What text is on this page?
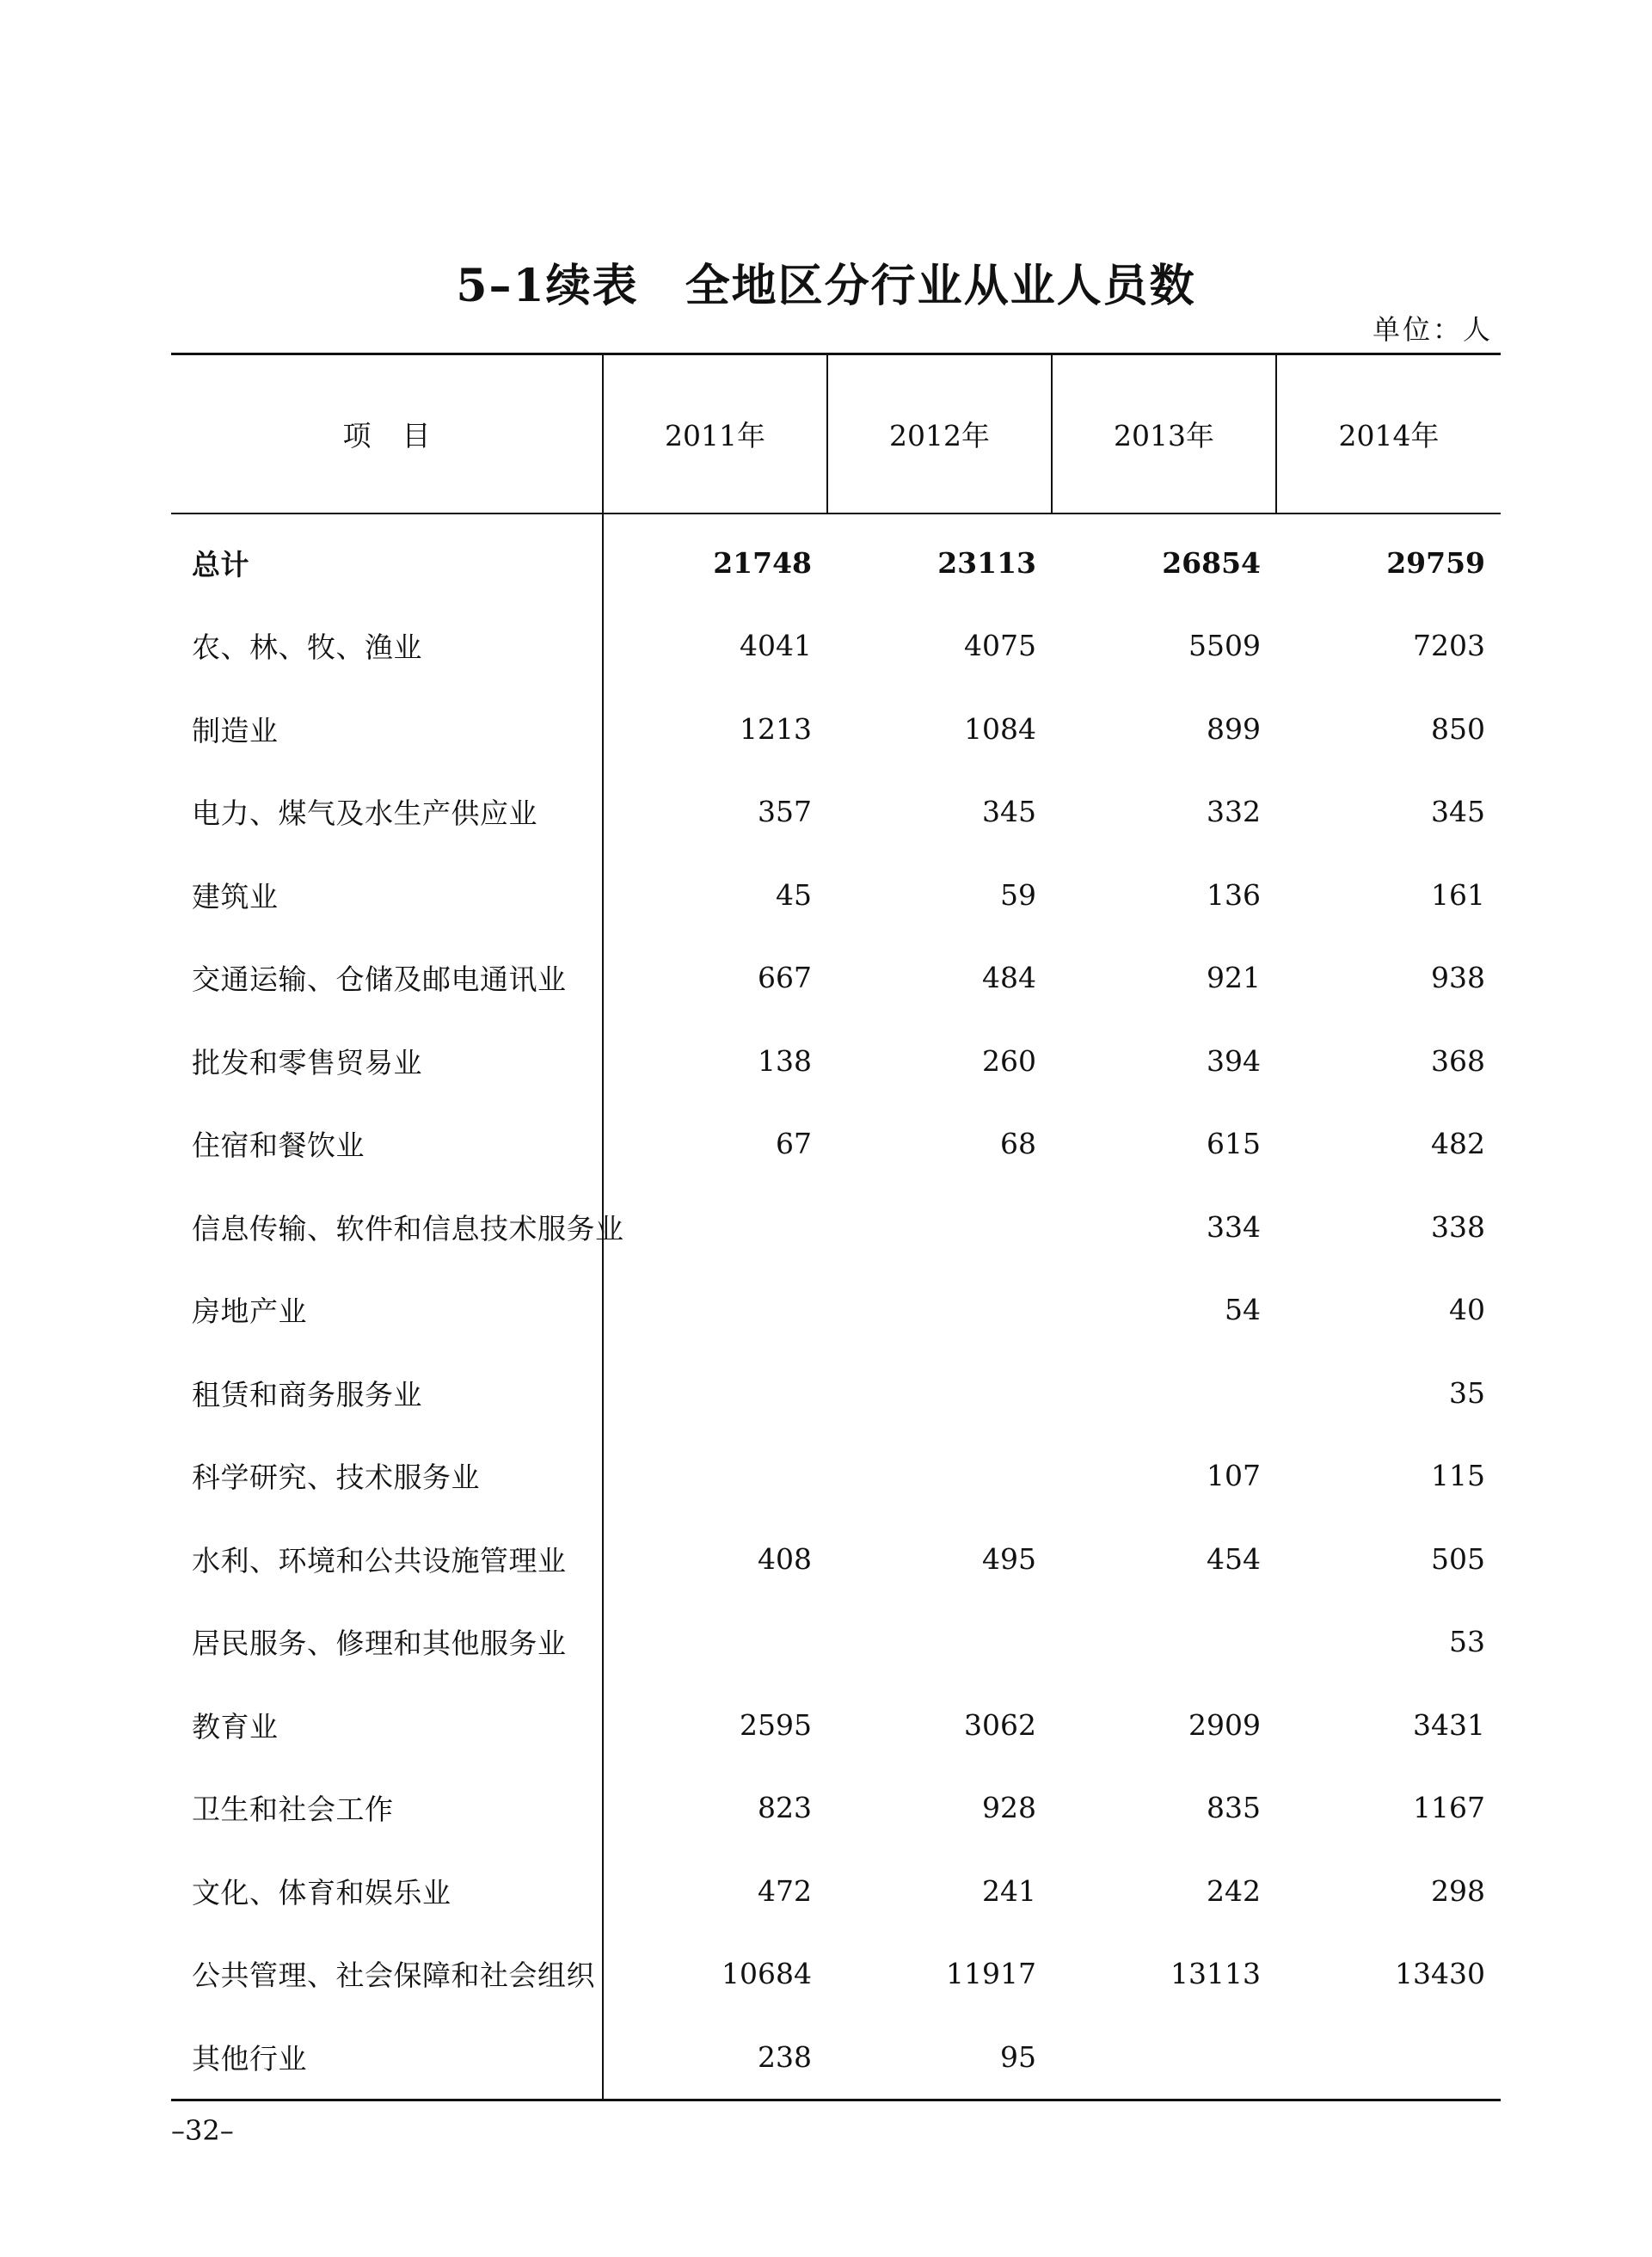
5–1续表　全地区分行业从业人员数
单位：人
项目	2011年	2012年	2013年	2014年
总计	21748	23113	26854	29759
农、林、牧、渔业	4041	4075	5509	7203
制造业	1213	1084	899	850
电力、煤气及水生产供应业	357	345	332	345
建筑业	45	59	136	161
交通运输、仓储及邮电通讯业	667	484	921	938
批发和零售贸易业	138	260	394	368
住宿和餐饮业	67	68	615	482
信息传输、软件和信息技术服务业			334	338
房地产业			54	40
租赁和商务服务业				35
科学研究、技术服务业			107	115
水利、环境和公共设施管理业	408	495	454	505
居民服务、修理和其他服务业				53
教育业	2595	3062	2909	3431
卫生和社会工作	823	928	835	1167
文化、体育和娱乐业	472	241	242	298
公共管理、社会保障和社会组织	10684	11917	13113	13430
其他行业	238	95		
–32–
